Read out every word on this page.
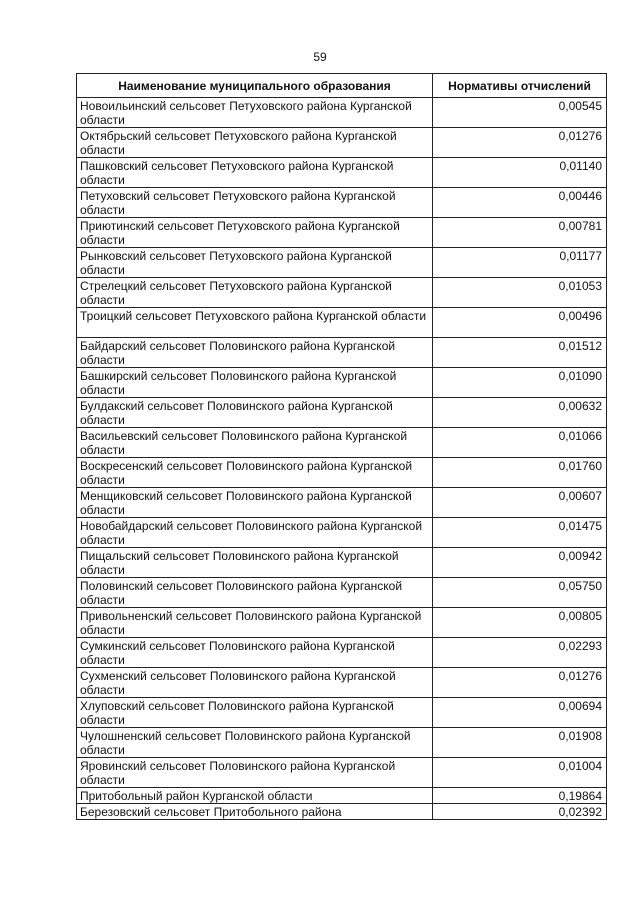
59
Наименование муниципального образования	Нормативы отчислений
Новоильинский сельсовет Петуховского района Курганской области	0,00545
Октябрьский сельсовет Петуховского района Курганской области	0,01276
Пашковский сельсовет Петуховского района Курганской области	0,01140
Петуховский сельсовет Петуховского района Курганской области	0,00446
Приютинский сельсовет Петуховского района Курганской области	0,00781
Рынковский сельсовет Петуховского района Курганской области	0,01177
Стрелецкий сельсовет Петуховского района Курганской области	0,01053
Троицкий сельсовет Петуховского района Курганской области	0,00496
Байдарский сельсовет Половинского района Курганской области	0,01512
Башкирский сельсовет Половинского района Курганской области	0,01090
Булдакский сельсовет Половинского района Курганской области	0,00632
Васильевский сельсовет Половинского района Курганской области	0,01066
Воскресенский сельсовет Половинского района Курганской области	0,01760
Менщиковский сельсовет Половинского района Курганской области	0,00607
Новобайдарский сельсовет Половинского района Курганской области	0,01475
Пищальский сельсовет Половинского района Курганской области	0,00942
Половинский сельсовет Половинского района Курганской области	0,05750
Привольненский сельсовет Половинского района Курганской области	0,00805
Сумкинский сельсовет Половинского района Курганской области	0,02293
Сухменский сельсовет Половинского района Курганской области	0,01276
Хлуповский сельсовет Половинского района Курганской области	0,00694
Чулошненский сельсовет Половинского района Курганской области	0,01908
Яровинский сельсовет Половинского района Курганской области	0,01004
Притобольный район Курганской области	0,19864
Березовский сельсовет Притобольного района	0,02392
